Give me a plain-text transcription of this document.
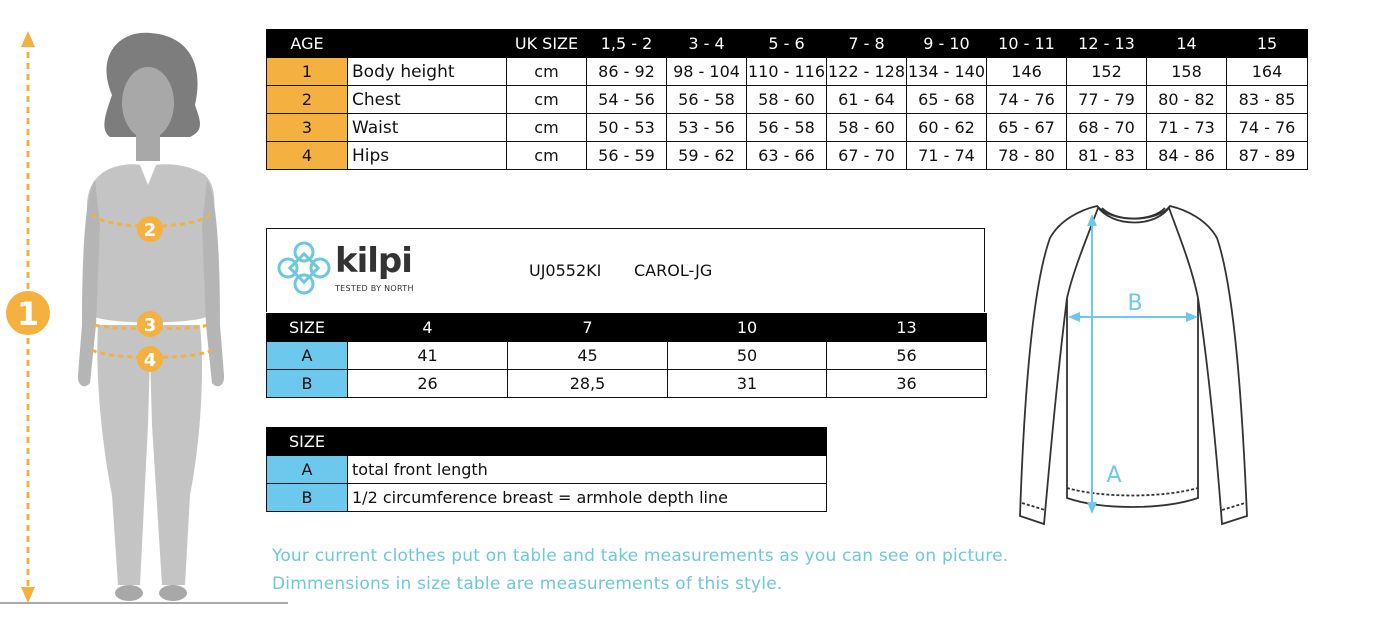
1
2
3
4
AGE		UK SIZE	1,5 - 2	3 - 4	5 - 6	7 - 8	9 - 10	10 - 11	12 - 13	14	15
1	Body height	cm	86 - 92	98 - 104	110 - 116	122 - 128	134 - 140	146	152	158	164
2	Chest	cm	54 - 56	56 - 58	58 - 60	61 - 64	65 - 68	74 - 76	77 - 79	80 - 82	83 - 85
3	Waist	cm	50 - 53	53 - 56	56 - 58	58 - 60	60 - 62	65 - 67	68 - 70	71 - 73	74 - 76
4	Hips	cm	56 - 59	59 - 62	63 - 66	67 - 70	71 - 74	78 - 80	81 - 83	84 - 86	87 - 89
kilpi
TESTED BY NORTH
UJ0552KI CAROL-JG
SIZE	4	7	10	13
A	41	45	50	56
B	26	28,5	31	36
SIZE	
A	total front length
B	1/2 circumference breast = armhole depth line
Your current clothes put on table and take measurements as you can see on picture.
Dimmensions in size table are measurements of this style.
B
A
